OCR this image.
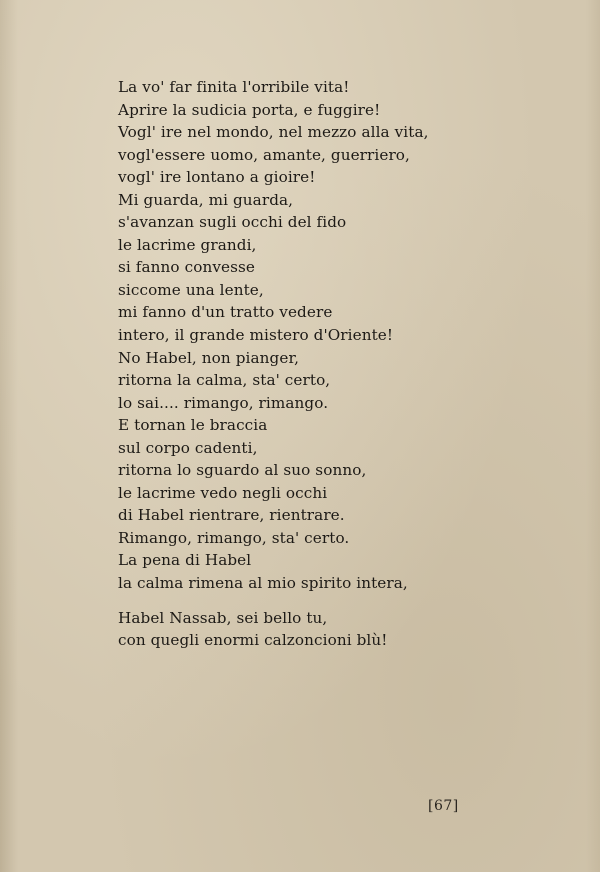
La vo' far finita l'orribile vita!
Aprire la sudicia porta, e fuggire!
Vogl' ire nel mondo, nel mezzo alla vita,
vogl'essere uomo, amante, guerriero,
vogl' ire lontano a gioire!
Mi guarda, mi guarda,
s'avanzan sugli occhi del fido
le lacrime grandi,
si fanno convesse
siccome una lente,
mi fanno d'un tratto vedere
intero, il grande mistero d'Oriente!
No Habel, non pianger,
ritorna la calma, sta' certo,
lo sai.... rimango, rimango.
E tornan le braccia
sul corpo cadenti,
ritorna lo sguardo al suo sonno,
le lacrime vedo negli occhi
di Habel rientrare, rientrare.
Rimango, rimango, sta' certo.
La pena di Habel
la calma rimena al mio spirito intera,
Habel Nassab, sei bello tu,
con quegli enormi calzoncioni blù!
[67]
